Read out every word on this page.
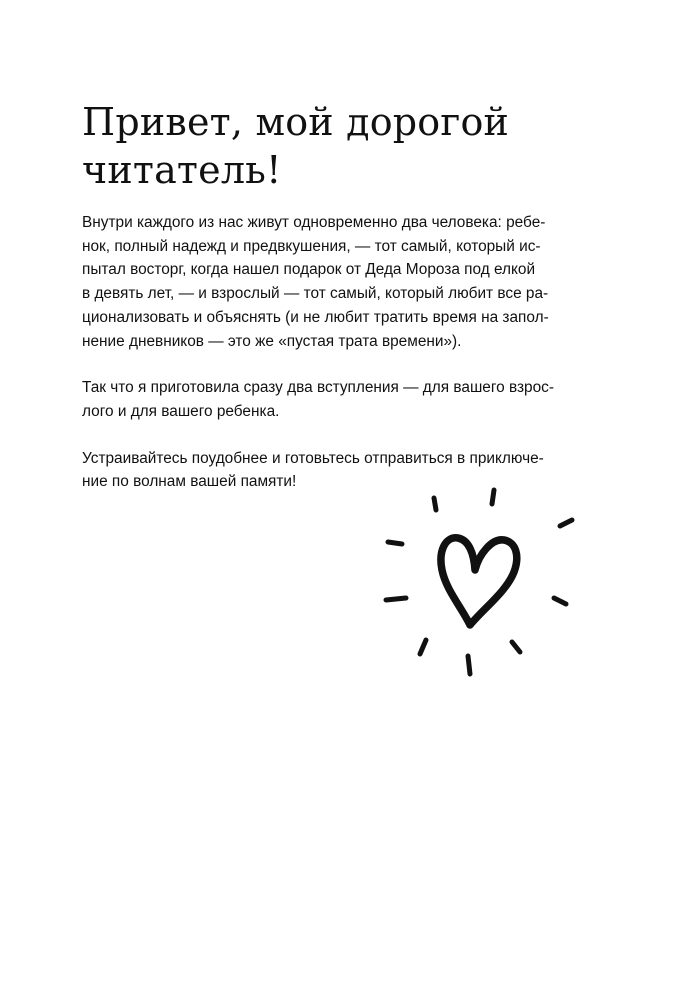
Привет, мой дорогой
читатель!

Внутри каждого из нас живут одновременно два человека: ребе-
нок, полный надежд и предвкушения, — тот самый, который ис-
пытал восторг, когда нашел подарок от Деда Мороза под елкой
в девять лет, — и взрослый — тот самый, который любит все ра-
ционализовать и объяснять (и не любит тратить время на запол-
нение дневников — это же «пустая трата времени»).

Так что я приготовила сразу два вступления — для вашего взрос-
лого и для вашего ребенка.

Устраивайтесь поудобнее и готовьтесь отправиться в приключе-
ние по волнам вашей памяти!
